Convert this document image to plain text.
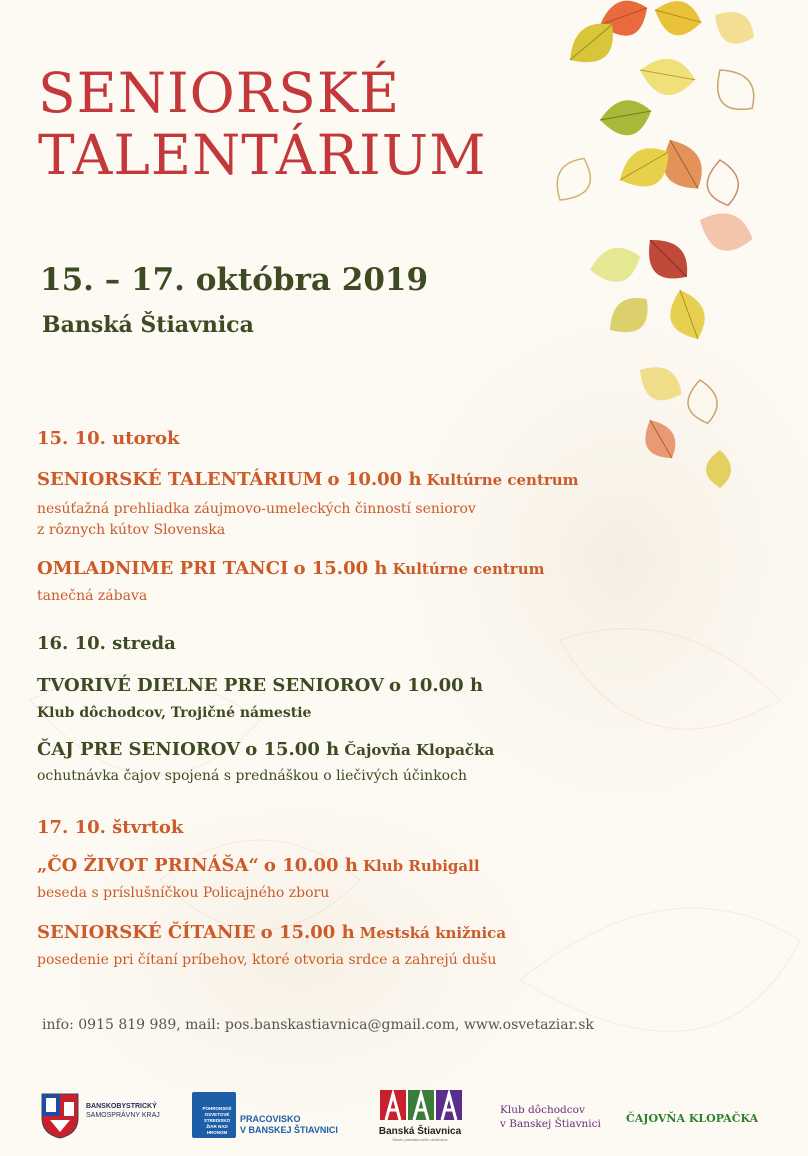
SENIORSKÉ
TALENTÁRIUM

15. – 17. októbra 2019

Banská Štiavnica

15. 10. utorok

SENIORSKÉ TALENTÁRIUM o 10.00 h Kultúrne centrum

nesúťažná prehliadka záujmovo-umeleckých činností seniorov

z rôznych kútov Slovenska

OMLADNIME PRI TANCI o 15.00 h Kultúrne centrum

tanečná zábava

16. 10. streda

TVORIVÉ DIELNE PRE SENIOROV o 10.00 h

Klub dôchodcov, Trojičné námestie

ČAJ PRE SENIOROV o 15.00 h Čajovňa Klopačka

ochutnávka čajov spojená s prednáškou o liečivých účinkoch

17. 10. štvrtok

„ČO ŽIVOT PRINÁŠA“ o 10.00 h Klub Rubigall

beseda s príslušníčkou Policajného zboru

SENIORSKÉ ČÍTANIE o 15.00 h Mestská knižnica

posedenie pri čítaní príbehov, ktoré otvoria srdce a zahrejú dušu

info: 0915 819 989, mail: pos.banskastiavnica@gmail.com, www.osvetaziar.sk

BANSKOBYSTRICKÝ
SAMOSPRÁVNY KRAJ
POHRONSKÉ
OSVETOVÉ
STREDISKO
ŽIAR NAD HRONOM
PRACOVISKO
V BANSKEJ ŠTIAVNICI	Banská Štiavnica
Mesto pamiatkového dedičstva
Klub dôchodcov
v Banskej Štiavnici	ČAJOVŇA KLOPAČKA
